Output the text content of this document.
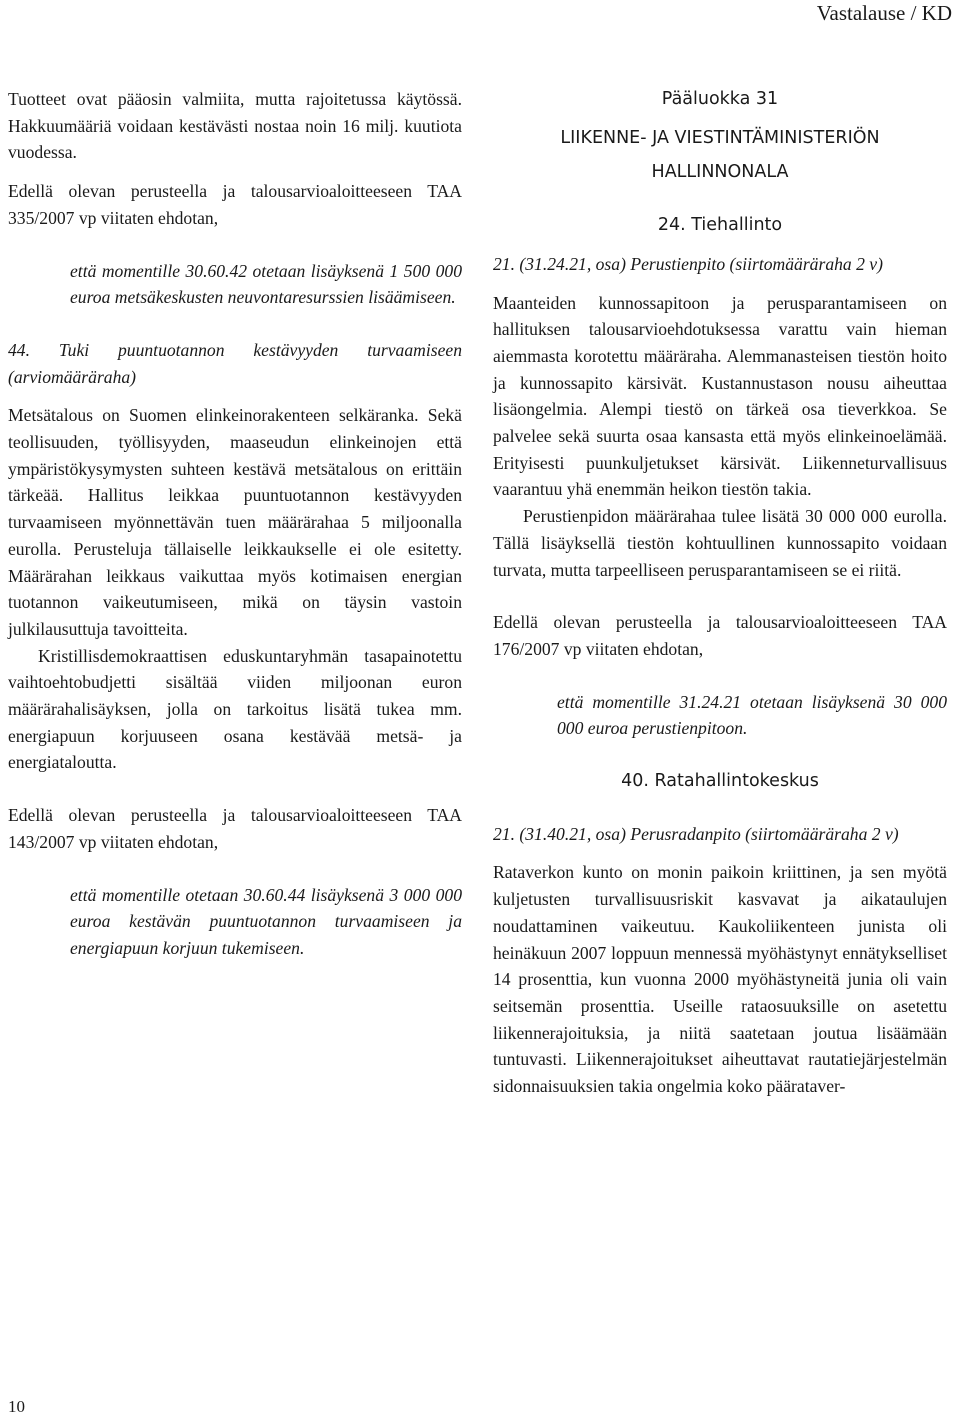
Vastalause / KD

Tuotteet ovat pääosin valmiita, mutta rajoitetussa käytössä. Hakkuumääriä voidaan kestävästi nostaa noin 16 milj. kuutiota vuodessa.

Edellä olevan perusteella ja talousarvioaloitteeseen TAA 335/2007 vp viitaten ehdotan,

että momentille 30.60.42 otetaan lisäyksenä 1 500 000 euroa metsäkeskusten neuvontaresurssien lisäämiseen.

44. Tuki puuntuotannon kestävyyden turvaamiseen (arviomääräraha)

Metsätalous on Suomen elinkeinorakenteen selkäranka. Sekä teollisuuden, työllisyyden, maaseudun elinkeinojen että ympäristökysymysten suhteen kestävä metsätalous on erittäin tärkeää. Hallitus leikkaa puuntuotannon kestävyyden turvaamiseen myönnettävän tuen määrärahaa 5 miljoonalla eurolla. Perusteluja tällaiselle leikkaukselle ei ole esitetty. Määrärahan leikkaus vaikuttaa myös kotimaisen energian tuotannon vaikeutumiseen, mikä on täysin vastoin julkilausuttuja tavoitteita.

Kristillisdemokraattisen eduskuntaryhmän tasapainotettu vaihtoehtobudjetti sisältää viiden miljoonan euron määrärahalisäyksen, jolla on tarkoitus lisätä tukea mm. energiapuun korjuuseen osana kestävää metsä- ja energiataloutta.

Edellä olevan perusteella ja talousarvioaloitteeseen TAA 143/2007 vp viitaten ehdotan,

että momentille otetaan 30.60.44 lisäyksenä 3 000 000 euroa kestävän puuntuotannon turvaamiseen ja energiapuun korjuun tukemiseen.

Pääluokka 31

LIIKENNE- JA VIESTINTÄMINISTERIÖN

HALLINNONALA

24. Tiehallinto

21. (31.24.21, osa) Perustienpito (siirtomääräraha 2 v)

Maanteiden kunnossapitoon ja perusparantamiseen on hallituksen talousarvioehdotuksessa varattu vain hieman aiemmasta korotettu määräraha. Alemmanasteisen tiestön hoito ja kunnossapito kärsivät. Kustannustason nousu aiheuttaa lisäongelmia. Alempi tiestö on tärkeä osa tieverkkoa. Se palvelee sekä suurta osaa kansasta että myös elinkeinoelämää. Erityisesti puunkuljetukset kärsivät. Liikenneturvallisuus vaarantuu yhä enemmän heikon tiestön takia.

Perustienpidon määrärahaa tulee lisätä 30 000 000 eurolla. Tällä lisäyksellä tiestön kohtuullinen kunnossapito voidaan turvata, mutta tarpeelliseen perusparantamiseen se ei riitä.

Edellä olevan perusteella ja talousarvioaloitteeseen TAA 176/2007 vp viitaten ehdotan,

että momentille 31.24.21 otetaan lisäyksenä 30 000 000 euroa perustienpitoon.

40. Ratahallintokeskus

21. (31.40.21, osa) Perusradanpito (siirtomääräraha 2 v)

Rataverkon kunto on monin paikoin kriittinen, ja sen myötä kuljetusten turvallisuusriskit kasvavat ja aikataulujen noudattaminen vaikeutuu. Kaukoliikenteen junista oli heinäkuun 2007 loppuun mennessä myöhästynyt ennätykselliset 14 prosenttia, kun vuonna 2000 myöhästyneitä junia oli vain seitsemän prosenttia. Useille rataosuuksille on asetettu liikennerajoituksia, ja niitä saatetaan joutua lisäämään tuntuvasti. Liikennerajoitukset aiheuttavat rautatiejärjestelmän sidonnaisuuksien takia ongelmia koko päärataver-

10
